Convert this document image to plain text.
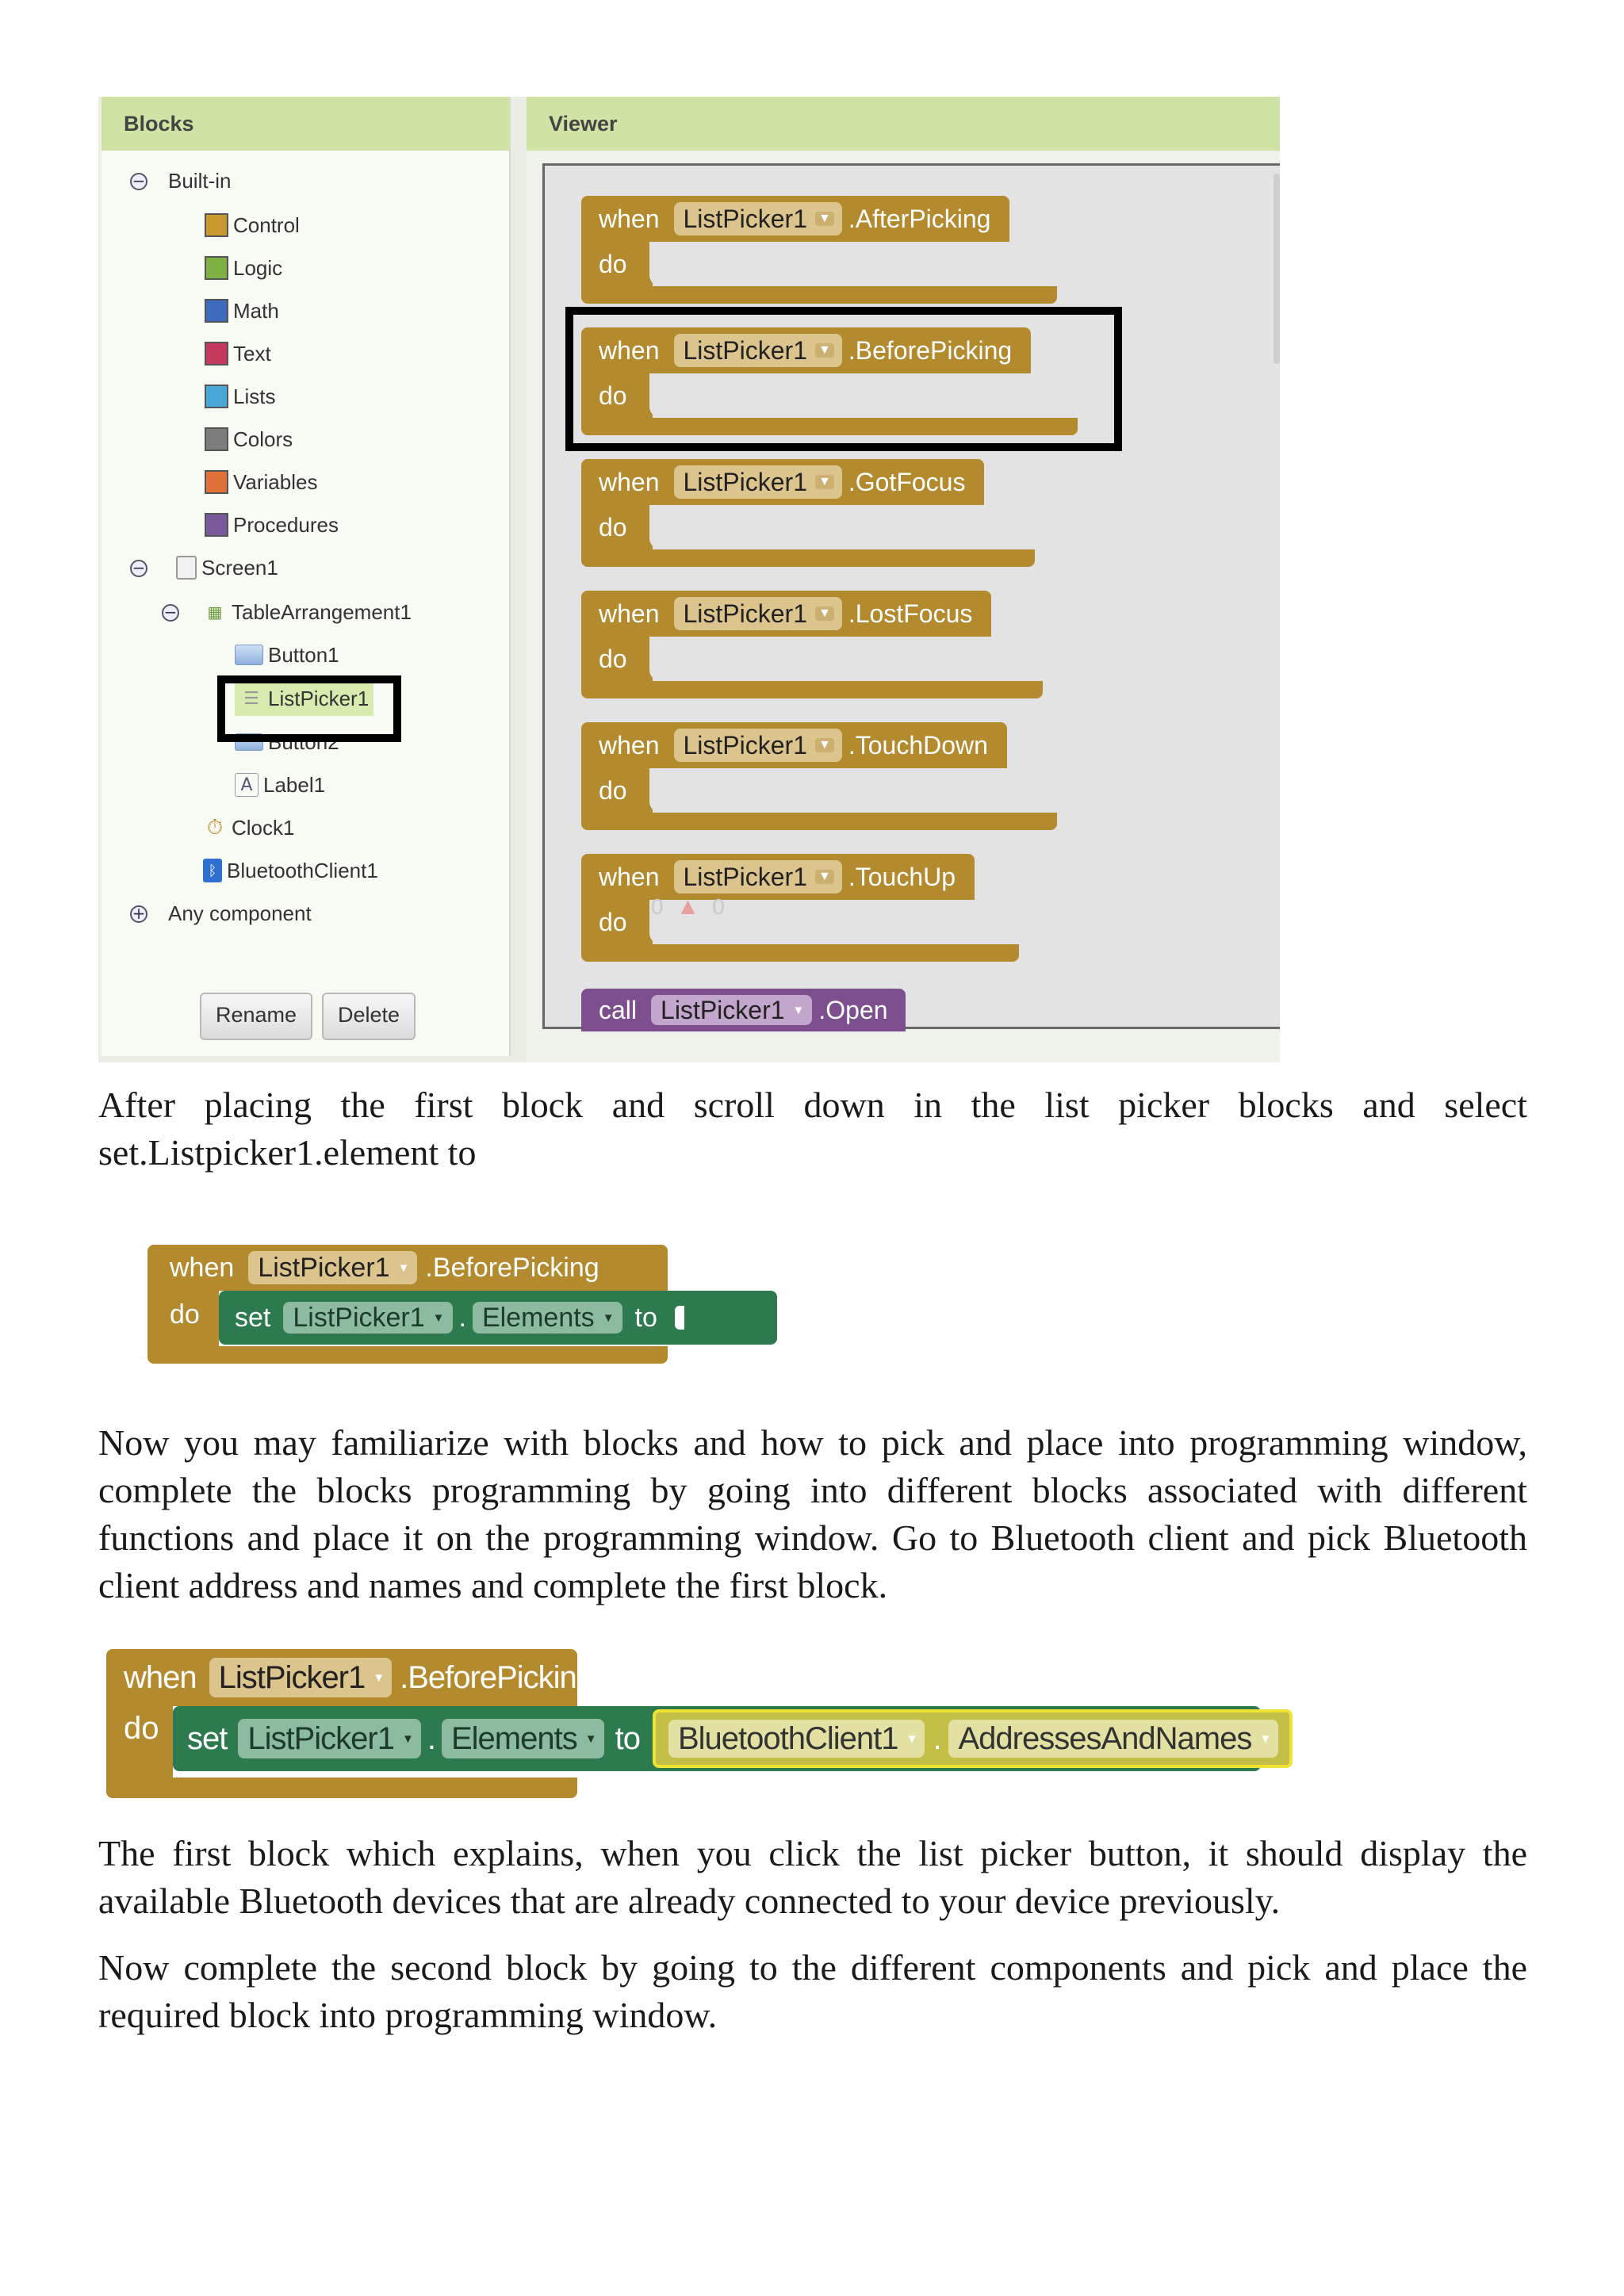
Blocks
− Built-in
Control
Logic
Math
Text
Lists
Colors
Variables
Procedures
−	Screen1
− ▦ TableArrangement1
Button1
☰ ListPicker1
Button2
A Label1
⏱ Clock1
ᛒ BluetoothClient1
+ Any component
Rename	Delete
Viewer
when ListPicker1 ▼ .AfterPicking
do
when ListPicker1 ▼ .BeforePicking
do
when ListPicker1 ▼ .GotFocus
do
when ListPicker1 ▼ .LostFocus
do
when ListPicker1 ▼ .TouchDown
do
when ListPicker1 ▼ .TouchUp
do
0 ▲ 0
call ListPicker1 ▼ .Open

After placing the first block and scroll down in the list picker blocks and select set.Listpicker1.element to

when ListPicker1 ▼ .BeforePicking
do	set ListPicker1 ▼ . Elements ▼ to

Now you may familiarize with blocks and how to pick and place into programming window, complete the blocks programming by going into different blocks associated with different functions and place it on the programming window. Go to Bluetooth client and pick Bluetooth client address and names and complete the first block.

when ListPicker1 ▼ .BeforePicking
do set ListPicker1 ▼ . Elements ▼ to BluetoothClient1 ▼ . AddressesAndNames ▼

The first block which explains, when you click the list picker button, it should display the available Bluetooth devices that are already connected to your device previously.

Now complete the second block by going to the different components and pick and place the required block into programming window.
